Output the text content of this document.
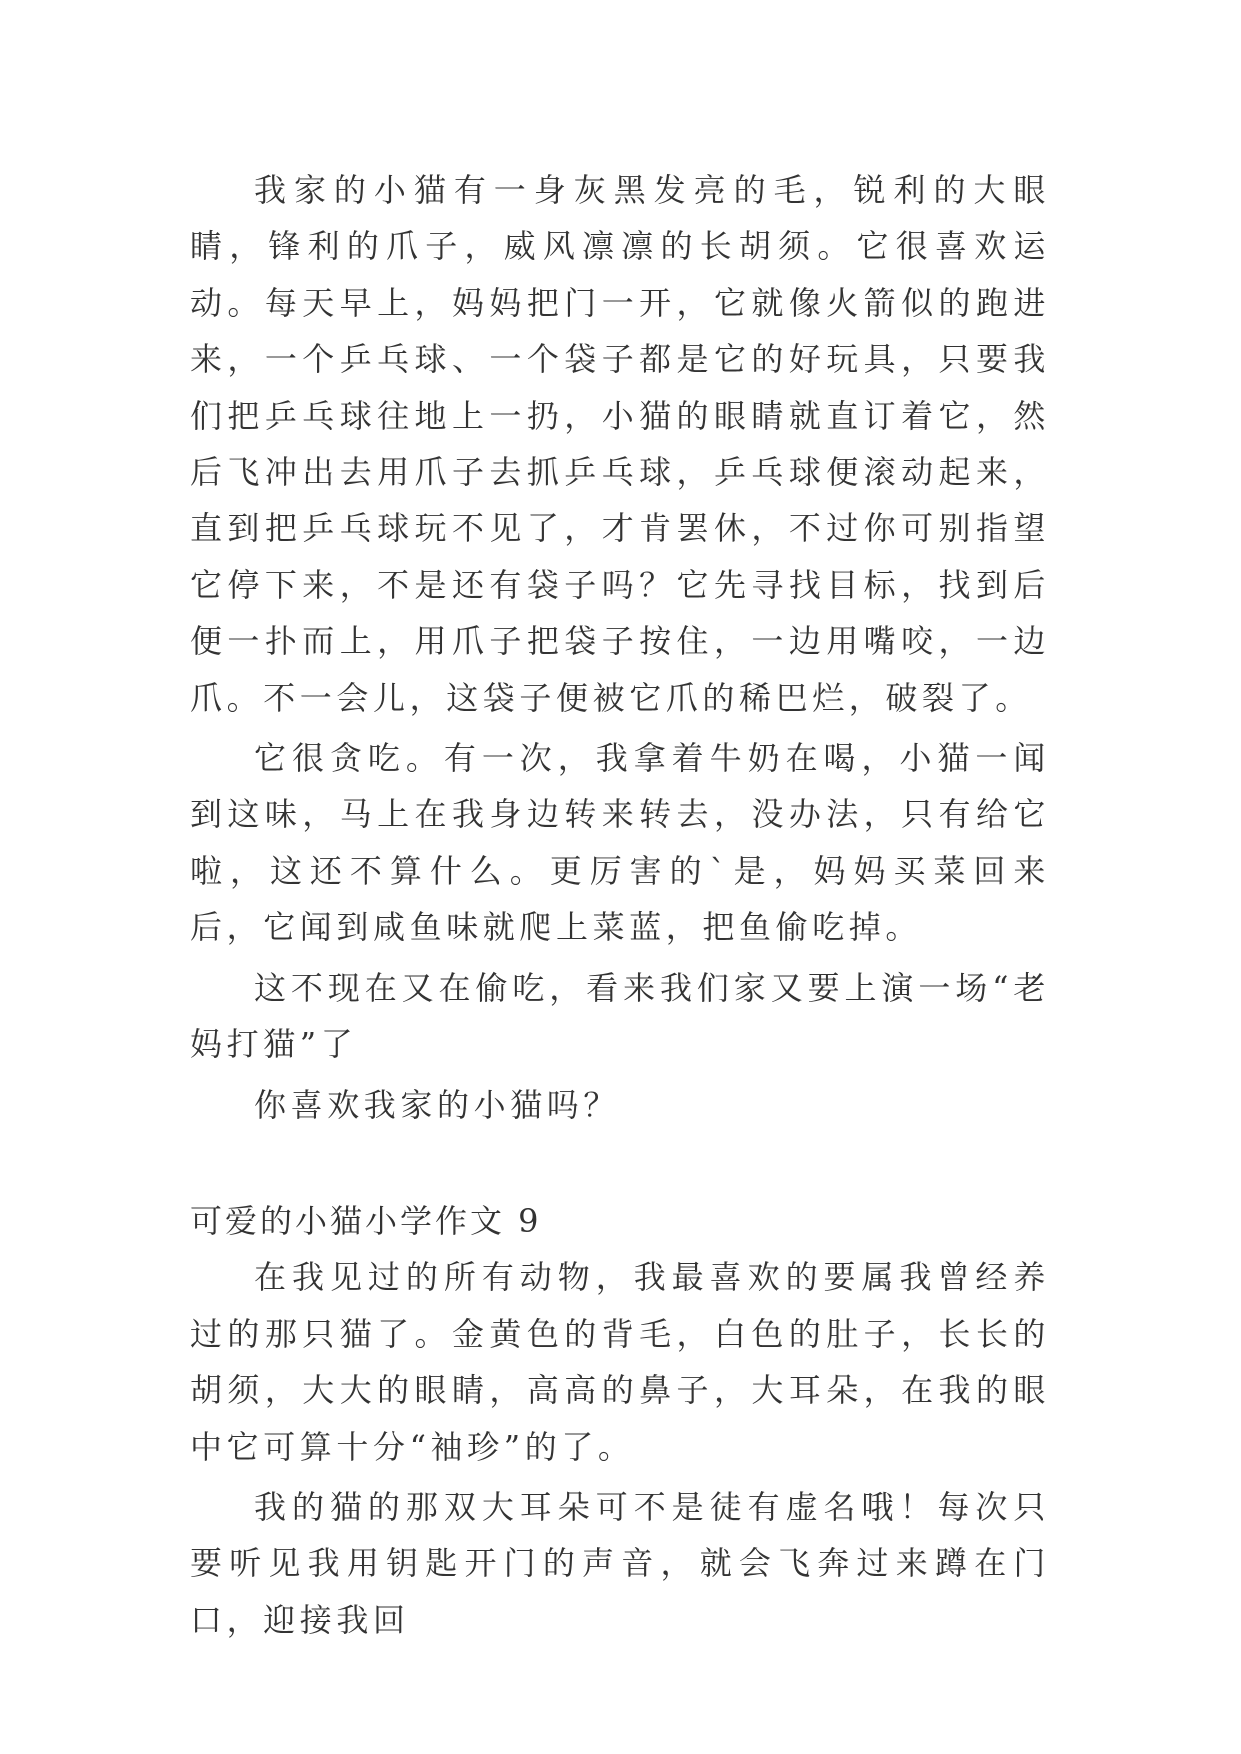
我家的小猫有一身灰黑发亮的毛，锐利的大眼睛，锋利的爪子，威风凛凛的长胡须。它很喜欢运动。每天早上，妈妈把门一开，它就像火箭似的跑进来，一个乒乓球、一个袋子都是它的好玩具，只要我们把乒乓球往地上一扔，小猫的眼睛就直订着它，然后飞冲出去用爪子去抓乒乓球，乒乓球便滚动起来，直到把乒乓球玩不见了，才肯罢休，不过你可别指望它停下来，不是还有袋子吗？它先寻找目标，找到后便一扑而上，用爪子把袋子按住，一边用嘴咬，一边爪。不一会儿，这袋子便被它爪的稀巴烂，破裂了。

它很贪吃。有一次，我拿着牛奶在喝，小猫一闻到这味，马上在我身边转来转去，没办法，只有给它啦，这还不算什么。更厉害的`是，妈妈买菜回来后，它闻到咸鱼味就爬上菜蓝，把鱼偷吃掉。

这不现在又在偷吃，看来我们家又要上演一场“老妈打猫”了

你喜欢我家的小猫吗？

可爱的小猫小学作文 9

在我见过的所有动物，我最喜欢的要属我曾经养过的那只猫了。金黄色的背毛，白色的肚子，长长的胡须，大大的眼睛，高高的鼻子，大耳朵，在我的眼中它可算十分“袖珍”的了。

我的猫的那双大耳朵可不是徒有虚名哦！每次只要听见我用钥匙开门的声音，就会飞奔过来蹲在门口，迎接我回
